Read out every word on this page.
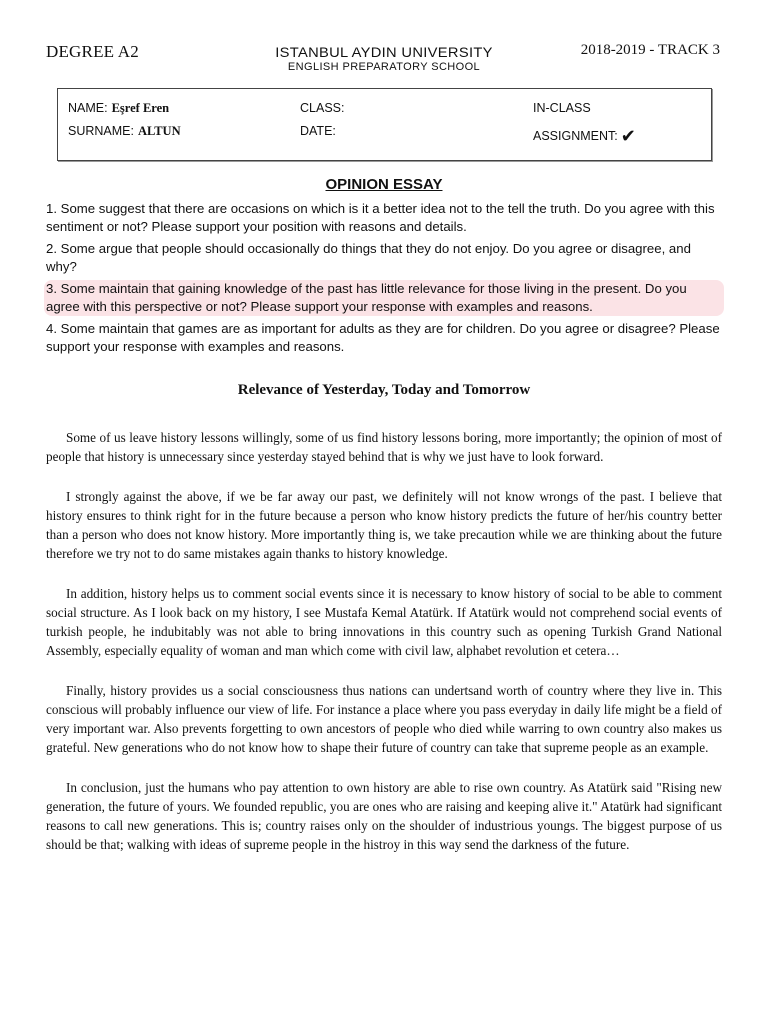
DEGREE A2	ISTANBUL AYDIN UNIVERSITY
ENGLISH PREPARATORY SCHOOL
2018-2019 - TRACK 3
NAME: Eşref Eren
SURNAME: ALTUN
CLASS:
DATE:
IN-CLASS
ASSIGNMENT: ✔
OPINION ESSAY

1. Some suggest that there are occasions on which is it a better idea not to the tell the truth. Do you agree with this sentiment or not? Please support your position with reasons and details.

2. Some argue that people should occasionally do things that they do not enjoy. Do you agree or disagree, and why?

3. Some maintain that gaining knowledge of the past has little relevance for those living in the present. Do you agree with this perspective or not? Please support your response with examples and reasons.

4. Some maintain that games are as important for adults as they are for children. Do you agree or disagree? Please support your response with examples and reasons.

Relevance of Yesterday, Today and Tomorrow

Some of us leave history lessons willingly, some of us find history lessons boring, more importantly; the opinion of most of people that history is unnecessary since yesterday stayed behind that is why we just have to look forward.

I strongly against the above, if we be far away our past, we definitely will not know wrongs of the past. I believe that history ensures to think right for in the future because a person who know history predicts the future of her/his country better than a person who does not know history. More importantly thing is, we take precaution while we are thinking about the future therefore we try not to do same mistakes again thanks to history knowledge.

In addition, history helps us to comment social events since it is necessary to know history of social to be able to comment social structure. As I look back on my history, I see Mustafa Kemal Atatürk. If Atatürk would not comprehend social events of turkish people, he indubitably was not able to bring innovations in this country such as opening Turkish Grand National Assembly, especially equality of woman and man which come with civil law, alphabet revolution et cetera…

Finally, history provides us a social consciousness thus nations can undertsand worth of country where they live in. This conscious will probably influence our view of life. For instance a place where you pass everyday in daily life might be a field of very important war. Also prevents forgetting to own ancestors of people who died while warring to own country also makes us grateful. New generations who do not know how to shape their future of country can take that supreme people as an example.

In conclusion, just the humans who pay attention to own history are able to rise own country. As Atatürk said "Rising new generation, the future of yours. We founded republic, you are ones who are raising and keeping alive it." Atatürk had significant reasons to call new generations. This is; country raises only on the shoulder of industrious youngs. The biggest purpose of us should be that; walking with ideas of supreme people in the histroy in this way send the darkness of the future.
